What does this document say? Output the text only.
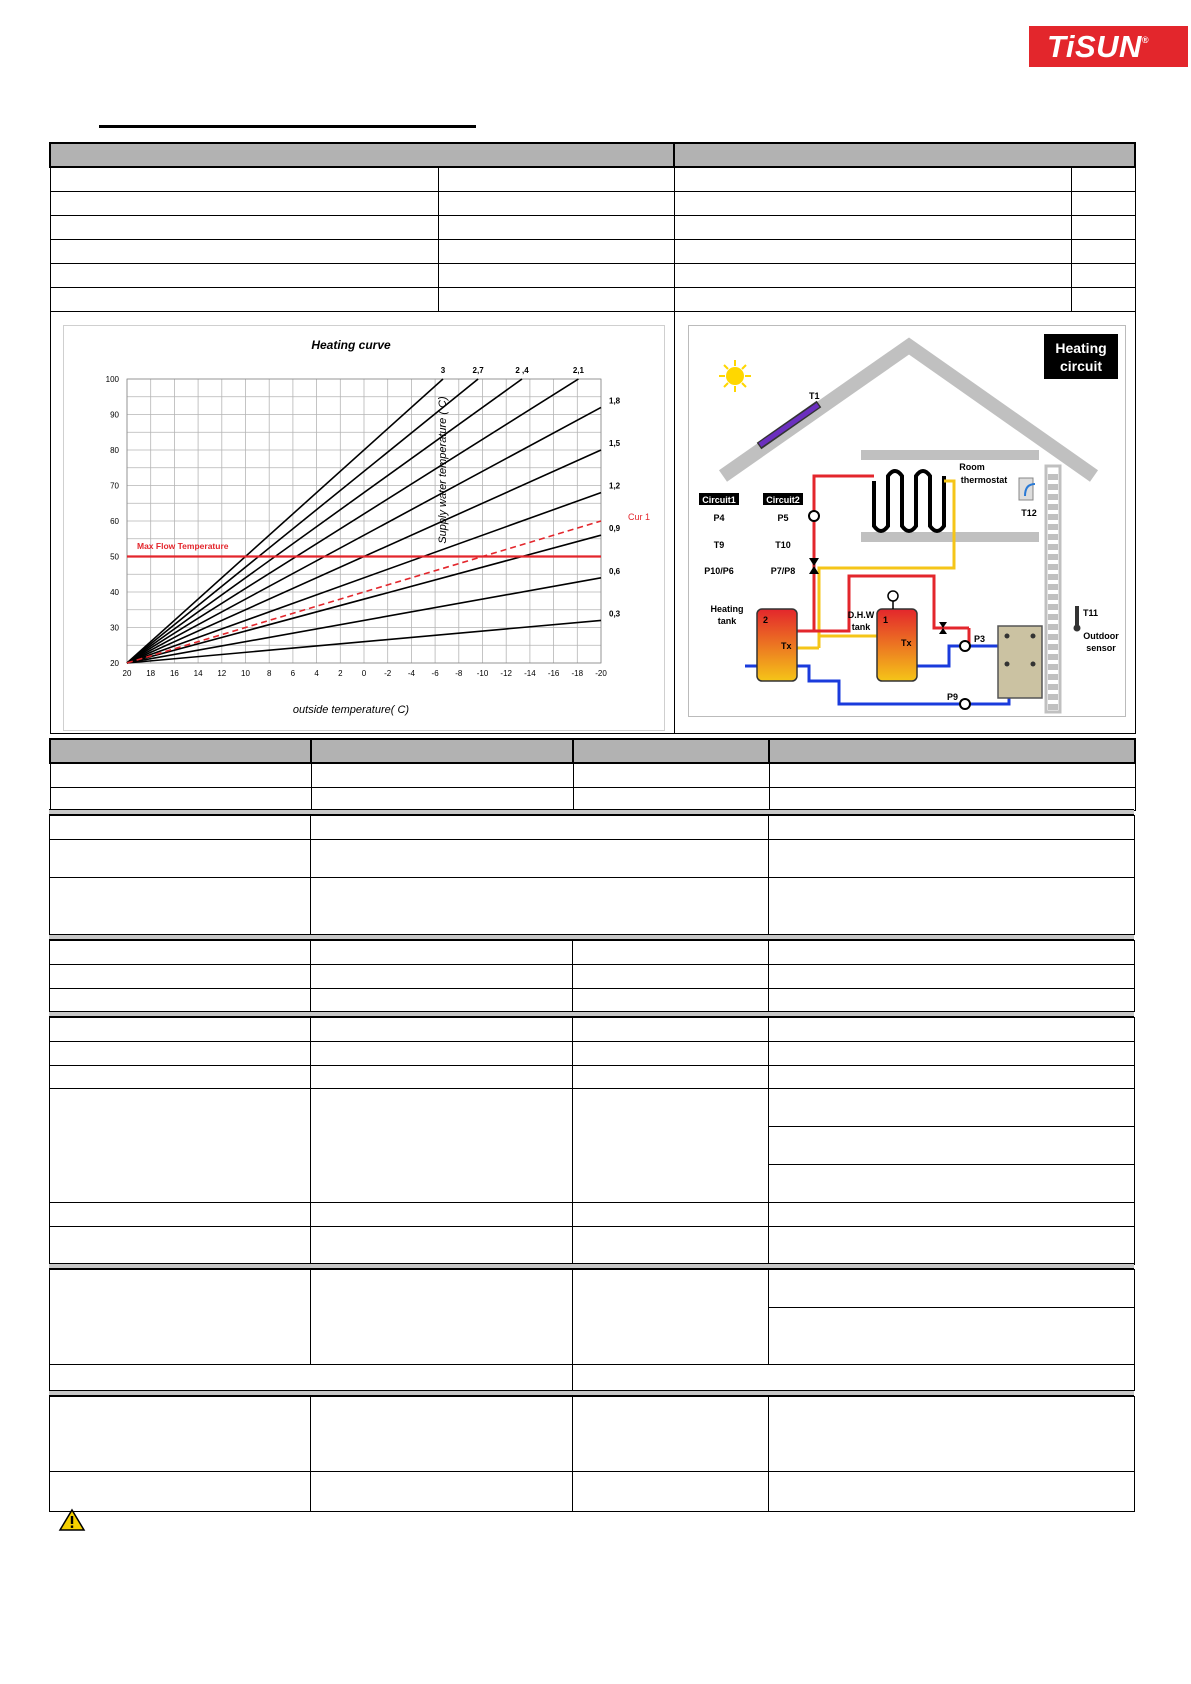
TiSUN®

Heating curve
Supply water temperature ( C)
outside temperature( C)
Max Flow Temperature
Cur 1
100
90
80
70
60
50
40
30
20
20 18 16 14 12 10 8 6 4 2 0 -2 -4 -6 -8 -10 -12 -14 -16 -18 -20
3	2,7	2 ,4	2,1
1,8
1,5
1,2
0,9
0,6
0,3
T1
Heating
circuit
Room
thermostat
T12
Circuit1	Circuit2
P4	P5
T9	T10
P10/P6	P7/P8
P3
P9
2	1
Tx	Tx
Heating
tank
D.H.W
tank
T11
Outdoor
sensor
